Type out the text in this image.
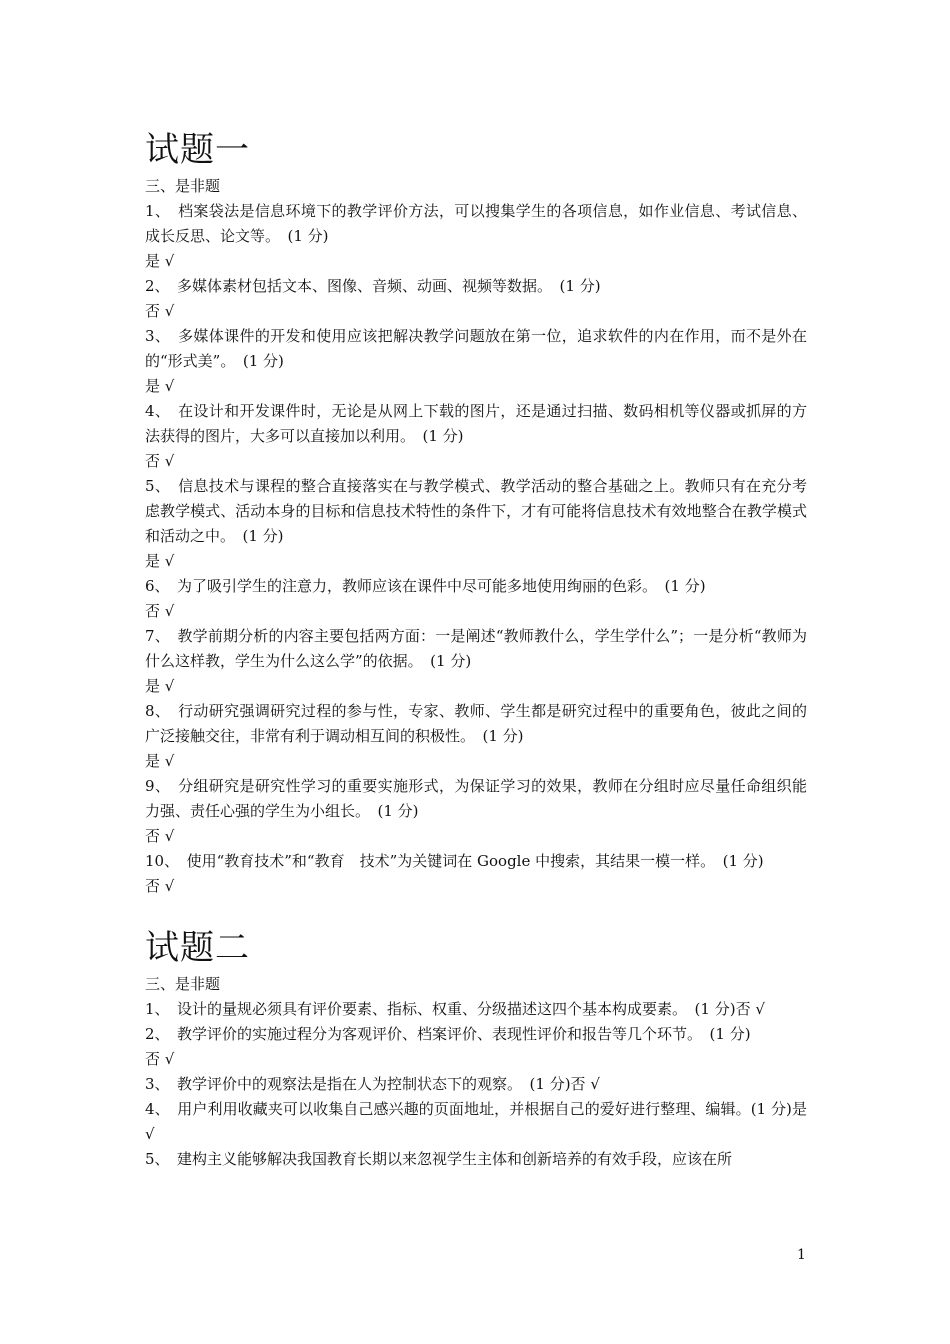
试题一
三、是非题
1、　档案袋法是信息环境下的教学评价方法，可以搜集学生的各项信息，如作业信息、考试信息、成长反思、论文等。　(1 分)
是 √
2、　多媒体素材包括文本、图像、音频、动画、视频等数据。　(1 分)
否 √
3、　多媒体课件的开发和使用应该把解决教学问题放在第一位，追求软件的内在作用，而不是外在的“形式美”。　(1 分)
是 √
4、　在设计和开发课件时，无论是从网上下载的图片，还是通过扫描、数码相机等仪器或抓屏的方法获得的图片，大多可以直接加以利用。　(1 分)
否 √
5、　信息技术与课程的整合直接落实在与教学模式、教学活动的整合基础之上。教师只有在充分考虑教学模式、活动本身的目标和信息技术特性的条件下，才有可能将信息技术有效地整合在教学模式和活动之中。　(1 分)
是 √
6、　为了吸引学生的注意力，教师应该在课件中尽可能多地使用绚丽的色彩。　(1 分)
否 √
7、　教学前期分析的内容主要包括两方面：一是阐述“教师教什么，学生学什么”；一是分析“教师为什么这样教，学生为什么这么学”的依据。　(1 分)
是 √
8、　行动研究强调研究过程的参与性，专家、教师、学生都是研究过程中的重要角色，彼此之间的广泛接触交往，非常有利于调动相互间的积极性。　(1 分)
是 √
9、　分组研究是研究性学习的重要实施形式，为保证学习的效果，教师在分组时应尽量任命组织能力强、责任心强的学生为小组长。　(1 分)
否 √
10、　使用“教育技术”和“教育　技术”为关键词在 Google 中搜索，其结果一模一样。　(1 分)
否 √
试题二
三、是非题
1、　设计的量规必须具有评价要素、指标、权重、分级描述这四个基本构成要素。　(1 分)否 √
2、　教学评价的实施过程分为客观评价、档案评价、表现性评价和报告等几个环节。　(1 分)
否 √
3、　教学评价中的观察法是指在人为控制状态下的观察。　(1 分)否 √
4、　用户利用收藏夹可以收集自己感兴趣的页面地址，并根据自己的爱好进行整理、编辑。(1 分)是 √
5、　建构主义能够解决我国教育长期以来忽视学生主体和创新培养的有效手段，应该在所
1
